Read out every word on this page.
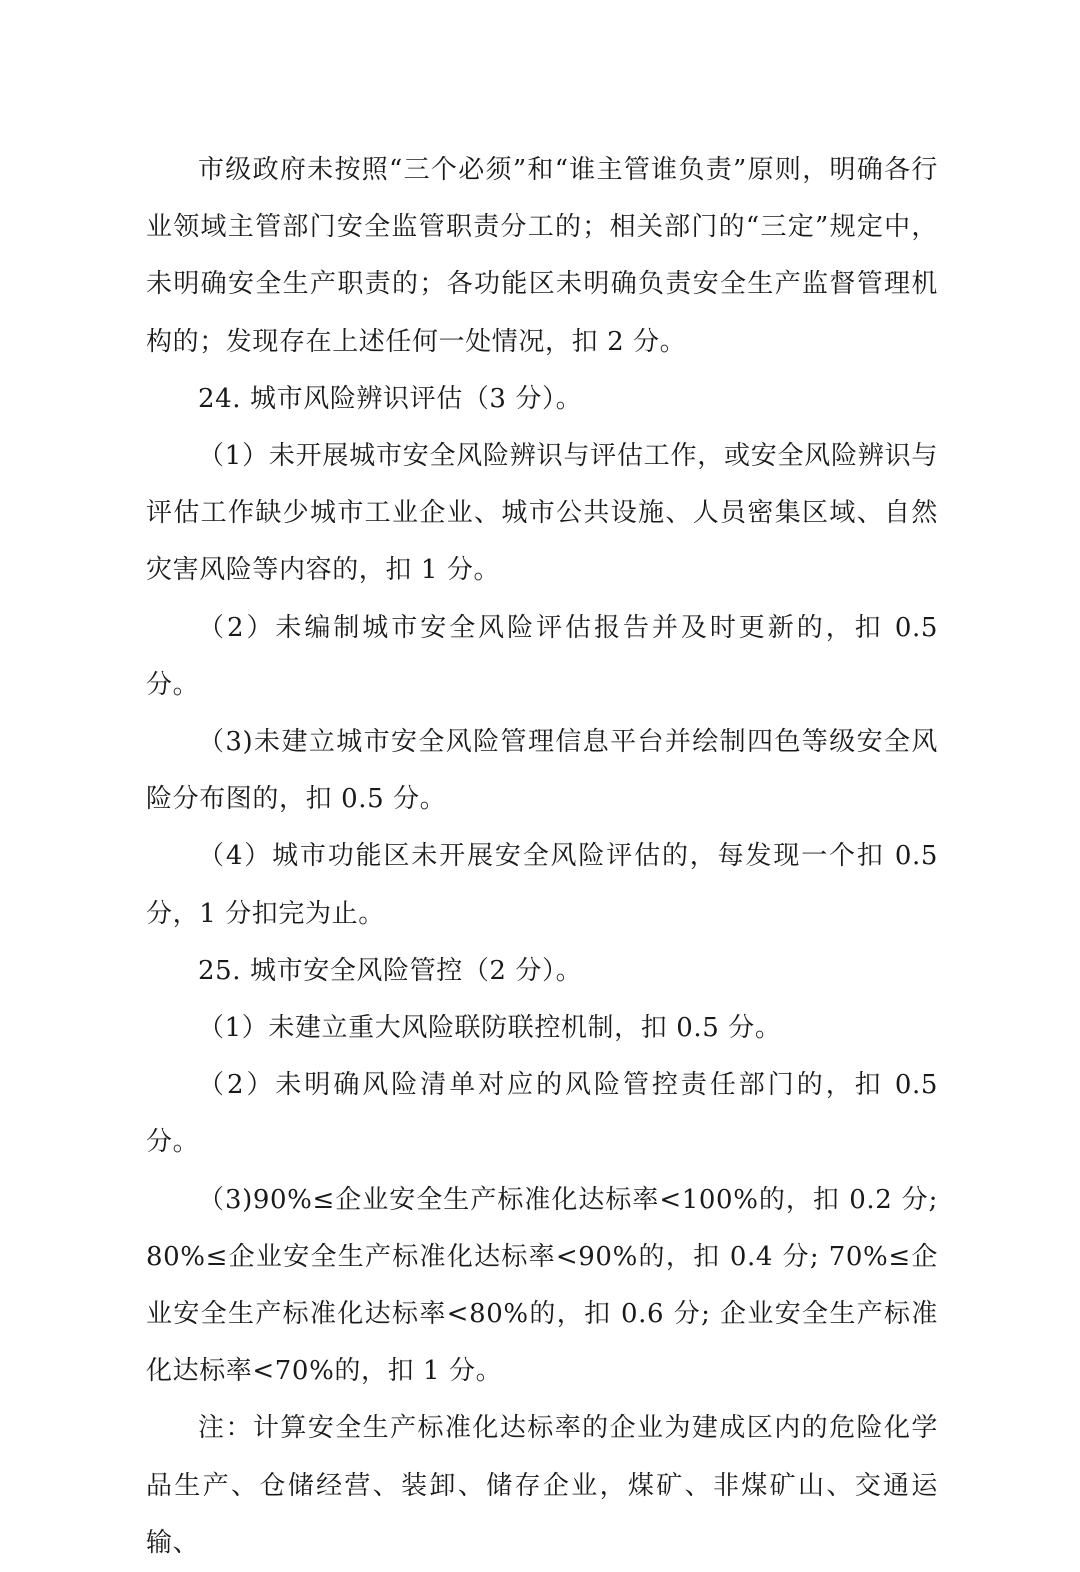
市级政府未按照“三个必须”和“谁主管谁负责”原则，明确各行业领域主管部门安全监管职责分工的；相关部门的“三定”规定中，未明确安全生产职责的；各功能区未明确负责安全生产监督管理机构的；发现存在上述任何一处情况，扣 2 分。

24. 城市风险辨识评估（3 分）。

（1）未开展城市安全风险辨识与评估工作，或安全风险辨识与评估工作缺少城市工业企业、城市公共设施、人员密集区域、自然灾害风险等内容的，扣 1 分。

（2）未编制城市安全风险评估报告并及时更新的，扣 0.5 分。

（3)未建立城市安全风险管理信息平台并绘制四色等级安全风险分布图的，扣 0.5 分。

（4）城市功能区未开展安全风险评估的，每发现一个扣 0.5 分，1 分扣完为止。

25. 城市安全风险管控（2 分）。

（1）未建立重大风险联防联控机制，扣 0.5 分。

（2）未明确风险清单对应的风险管控责任部门的，扣 0.5 分。

（3)90%≤企业安全生产标准化达标率<100%的，扣 0.2 分; 80%≤企业安全生产标准化达标率<90%的，扣 0.4 分; 70%≤企业安全生产标准化达标率<80%的，扣 0.6 分; 企业安全生产标准化达标率<70%的，扣 1 分。

注：计算安全生产标准化达标率的企业为建成区内的危险化学品生产、仓储经营、装卸、储存企业，煤矿、非煤矿山、交通运输、
